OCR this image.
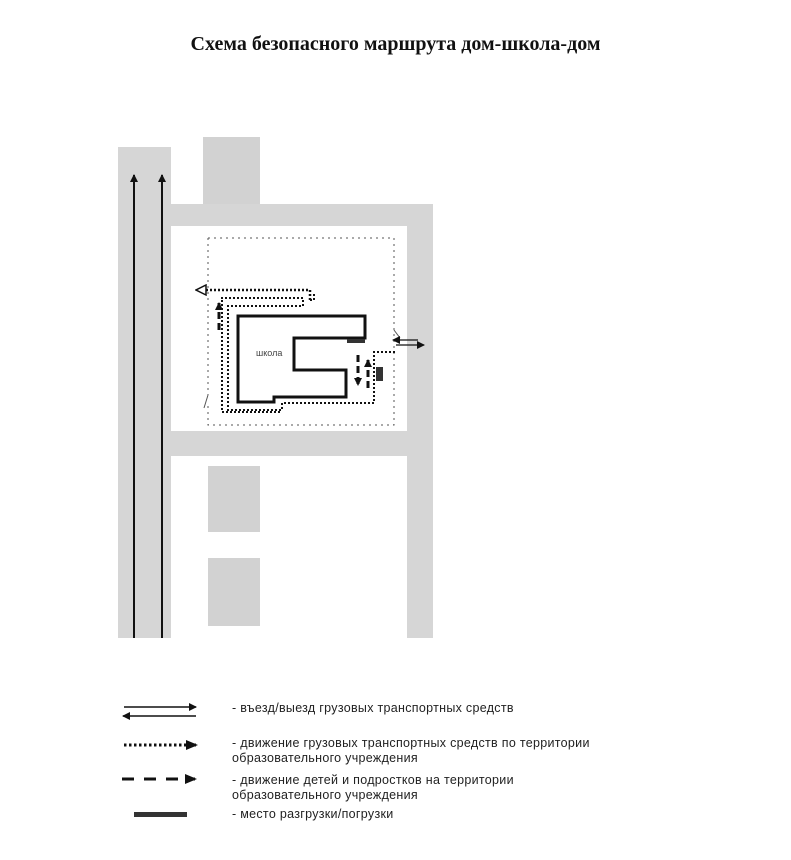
Схема безопасного маршрута дом-школа-дом
школа
- въезд/выезд грузовых транспортных средств
- движение грузовых транспортных средств по территории образовательного учреждения
- движение детей и подростков на территории образовательного учреждения
- место разгрузки/погрузки
